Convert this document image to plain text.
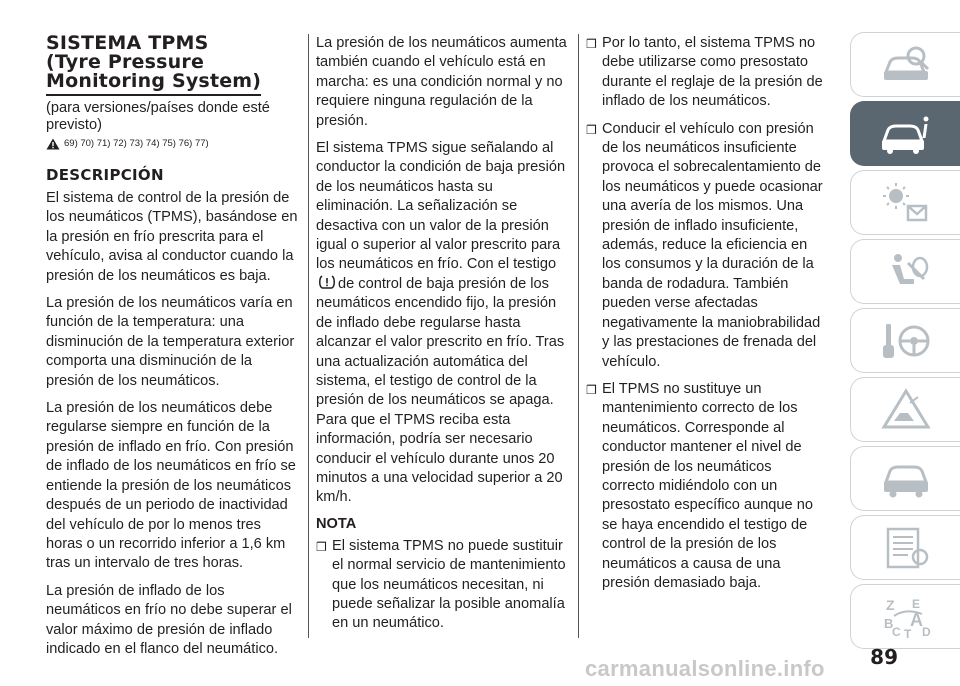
SISTEMA TPMS
(Tyre Pressure
Monitoring System)
(para versiones/países donde esté previsto)
69) 70) 71) 72) 73) 74) 75) 76) 77)
DESCRIPCIÓN

El sistema de control de la presión de los neumáticos (TPMS), basándose en la presión en frío prescrita para el vehículo, avisa al conductor cuando la presión de los neumáticos es baja.

La presión de los neumáticos varía en función de la temperatura: una disminución de la temperatura exterior comporta una disminución de la presión de los neumáticos.

La presión de los neumáticos debe regularse siempre en función de la presión de inflado en frío. Con presión de inflado de los neumáticos en frío se entiende la presión de los neumáticos después de un periodo de inactividad del vehículo de por lo menos tres horas o un recorrido inferior a 1,6 km tras un intervalo de tres horas.

La presión de inflado de los neumáticos en frío no debe superar el valor máximo de presión de inflado indicado en el flanco del neumático.

La presión de los neumáticos aumenta también cuando el vehículo está en marcha: es una condición normal y no requiere ninguna regulación de la presión.

El sistema TPMS sigue señalando al conductor la condición de baja presión de los neumáticos hasta su eliminación. La señalización se desactiva con un valor de la presión igual o superior al valor prescrito para los neumáticos en frío. Con el testigode control de baja presión de los neumáticos encendido fijo, la presión de inflado debe regularse hasta alcanzar el valor prescrito en frío. Tras una actualización automática del sistema, el testigo de control de la presión de los neumáticos se apaga. Para que el TPMS reciba esta información, podría ser necesario conducir el vehículo durante unos 20 minutos a una velocidad superior a 20 km/h.

NOTA
❒ El sistema TPMS no puede sustituir el normal servicio de mantenimiento que los neumáticos necesitan, ni puede señalizar la posible anomalía en un neumático.
❒ Por lo tanto, el sistema TPMS no debe utilizarse como presostato durante el reglaje de la presión de inflado de los neumáticos.
❒ Conducir el vehículo con presión de los neumáticos insuficiente provoca el sobrecalentamiento de los neumáticos y puede ocasionar una avería de los mismos. Una presión de inflado insuficiente, además, reduce la eficiencia en los consumos y la duración de la banda de rodadura. También pueden verse afectadas negativamente la maniobrabilidad y las prestaciones de frenada del vehículo.
❒ El TPMS no sustituye un mantenimiento correcto de los neumáticos. Corresponde al conductor mantener el nivel de presión de los neumáticos correcto midiéndolo con un presostato específico aunque no se haya encendido el testigo de control de la presión de los neumáticos a causa de una presión demasiado baja.
Z E
A
B
C T D
89
carmanualsonline.info
